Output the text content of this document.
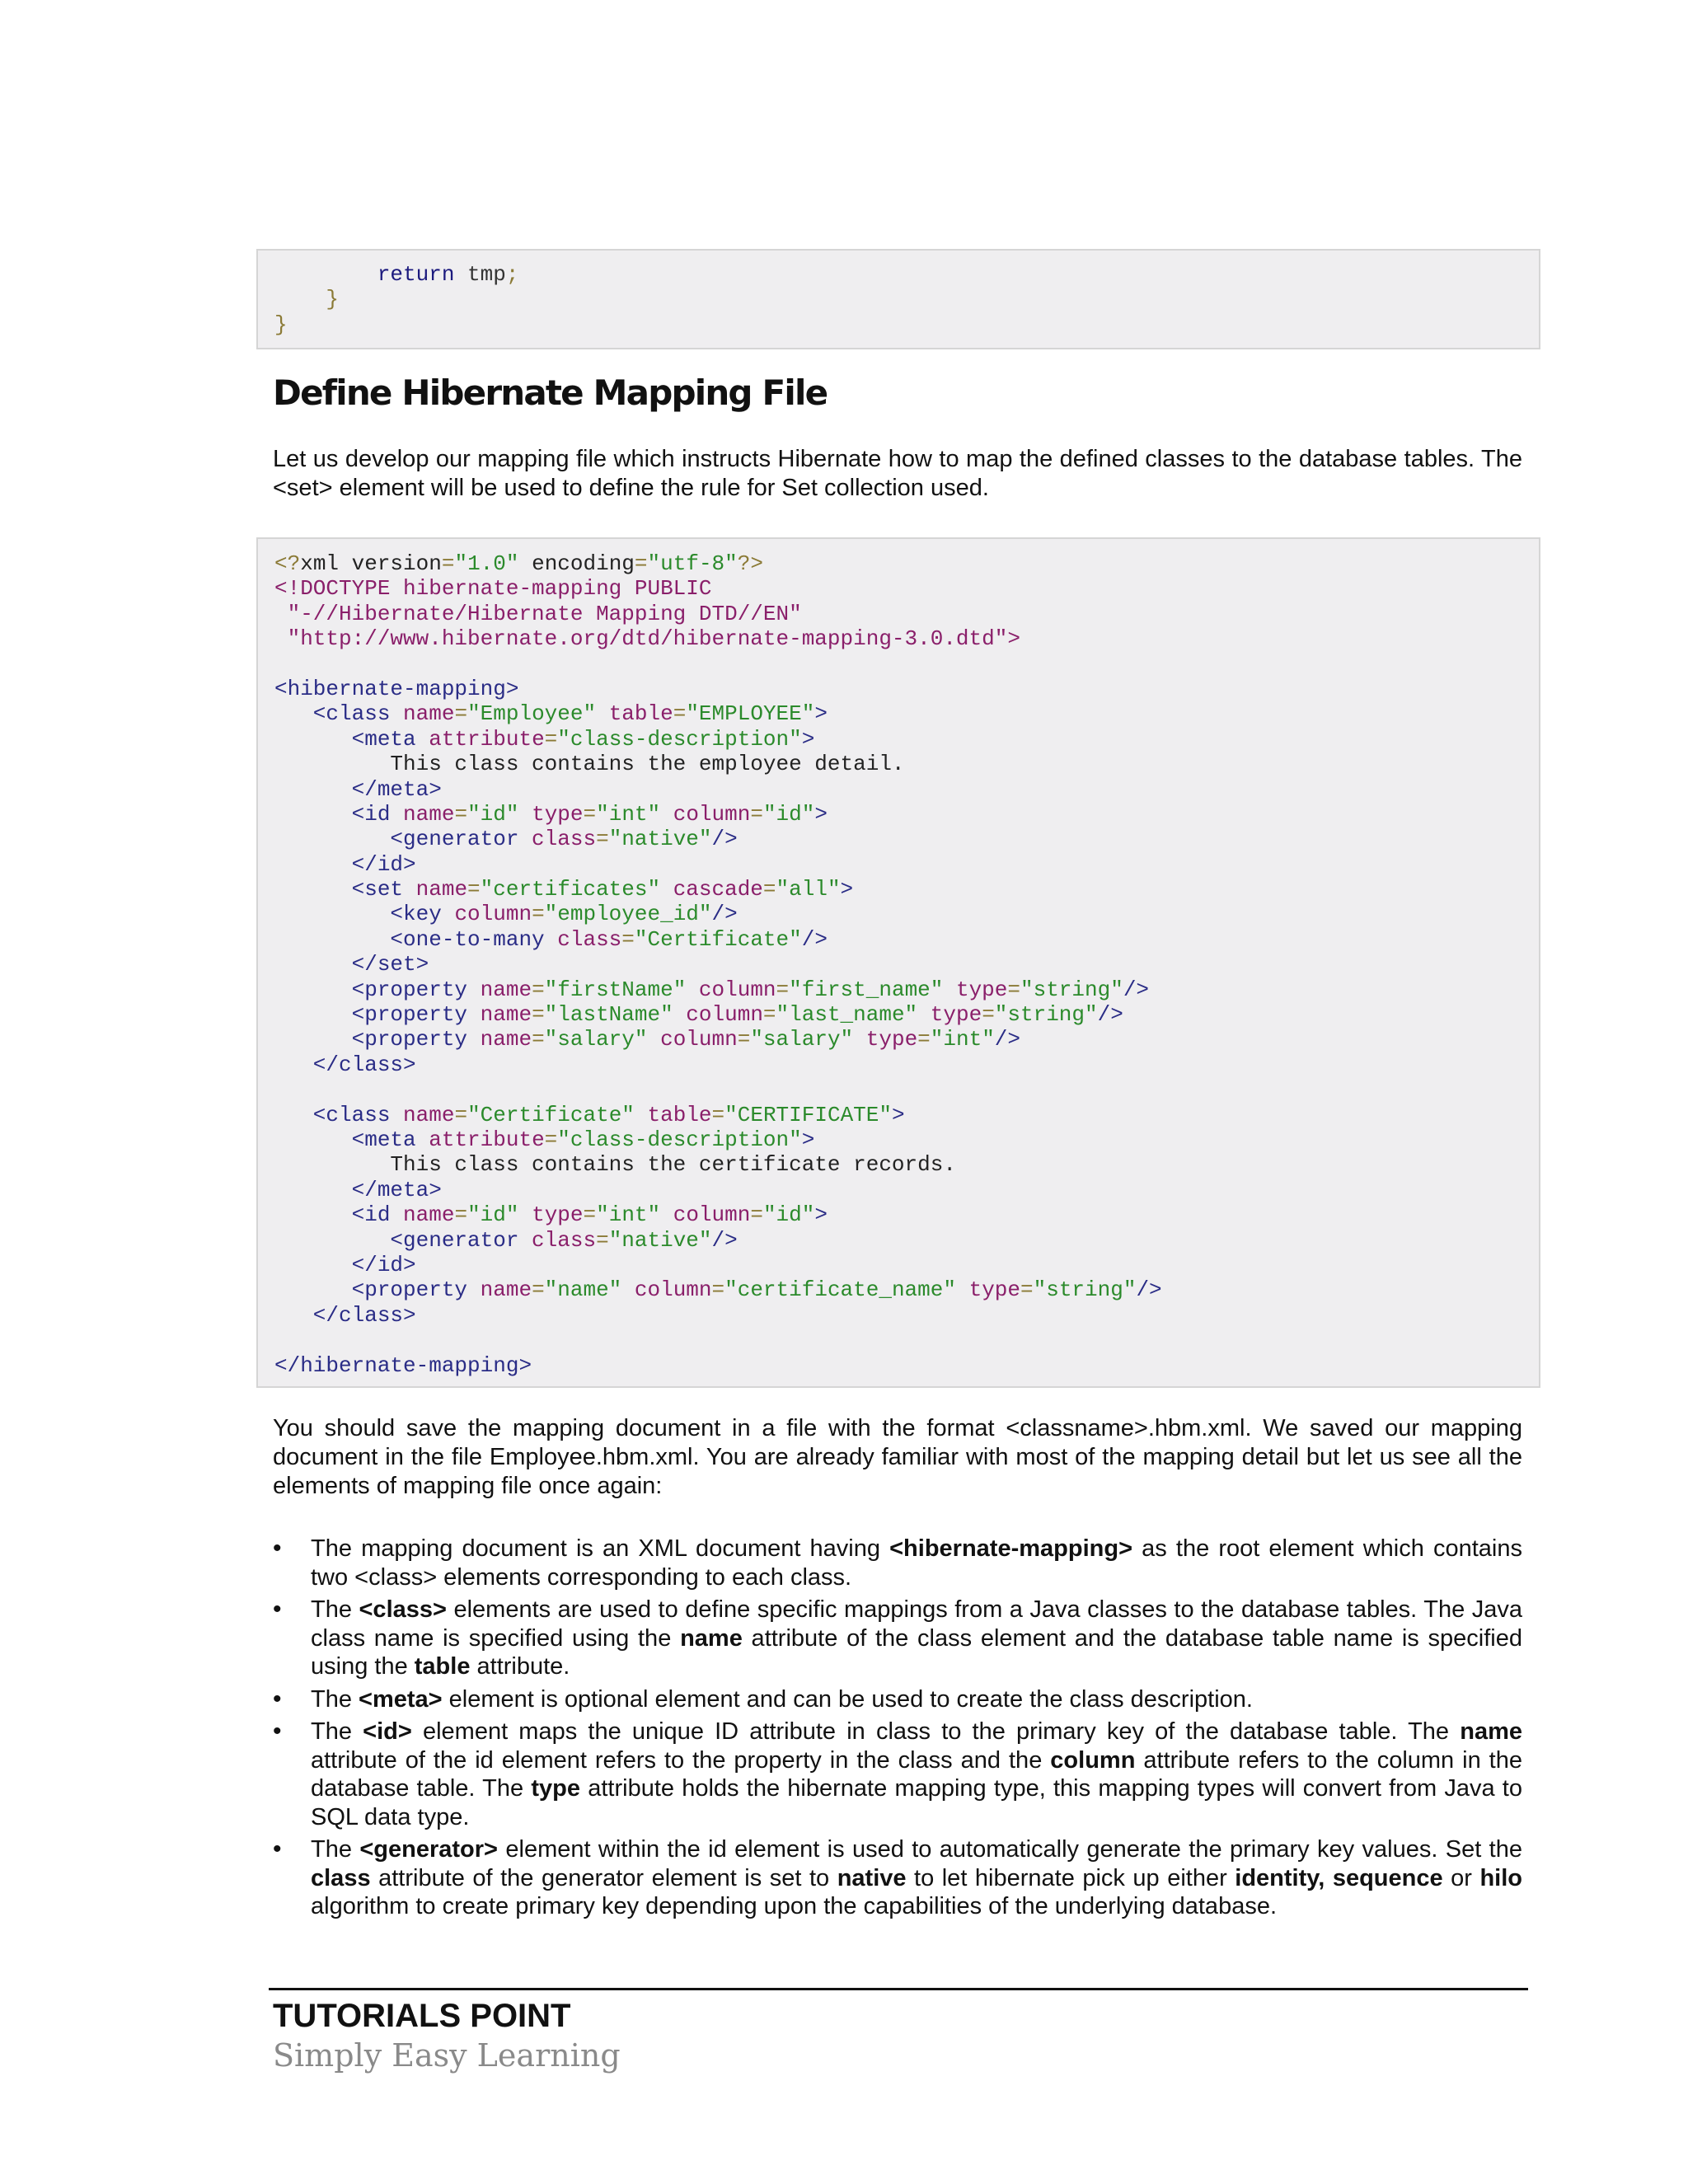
return tmp;
}
}
Define Hibernate Mapping File

Let us develop our mapping file which instructs Hibernate how to map the defined classes to the database tables. The <set> element will be used to define the rule for Set collection used.

<?xml version="1.0" encoding="utf-8"?>
<!DOCTYPE hibernate-mapping PUBLIC
"-//Hibernate/Hibernate Mapping DTD//EN"
"http://www.hibernate.org/dtd/hibernate-mapping-3.0.dtd">

<hibernate-mapping>
<class name="Employee" table="EMPLOYEE">
<meta attribute="class-description">
This class contains the employee detail.
</meta>
<id name="id" type="int" column="id">
<generator class="native"/>
</id>
<set name="certificates" cascade="all">
<key column="employee_id"/>
<one-to-many class="Certificate"/>
</set>
<property name="firstName" column="first_name" type="string"/>
<property name="lastName" column="last_name" type="string"/>
<property name="salary" column="salary" type="int"/>
</class>

<class name="Certificate" table="CERTIFICATE">
<meta attribute="class-description">
This class contains the certificate records.
</meta>
<id name="id" type="int" column="id">
<generator class="native"/>
</id>
<property name="name" column="certificate_name" type="string"/>
</class>

</hibernate-mapping>

You should save the mapping document in a file with the format <classname>.hbm.xml. We saved our mapping document in the file Employee.hbm.xml. You are already familiar with most of the mapping detail but let us see all the elements of mapping file once again:

• The mapping document is an XML document having <hibernate-mapping> as the root element which contains two <class> elements corresponding to each class.
• The <class> elements are used to define specific mappings from a Java classes to the database tables. The Java class name is specified using the name attribute of the class element and the database table name is specified using the table attribute.
• The <meta> element is optional element and can be used to create the class description.
• The <id> element maps the unique ID attribute in class to the primary key of the database table. The name attribute of the id element refers to the property in the class and the column attribute refers to the column in the database table. The type attribute holds the hibernate mapping type, this mapping types will convert from Java to SQL data type.
• The <generator> element within the id element is used to automatically generate the primary key values. Set the class attribute of the generator element is set to native to let hibernate pick up either identity, sequence or hilo algorithm to create primary key depending upon the capabilities of the underlying database.

TUTORIALS POINT

Simply Easy Learning
